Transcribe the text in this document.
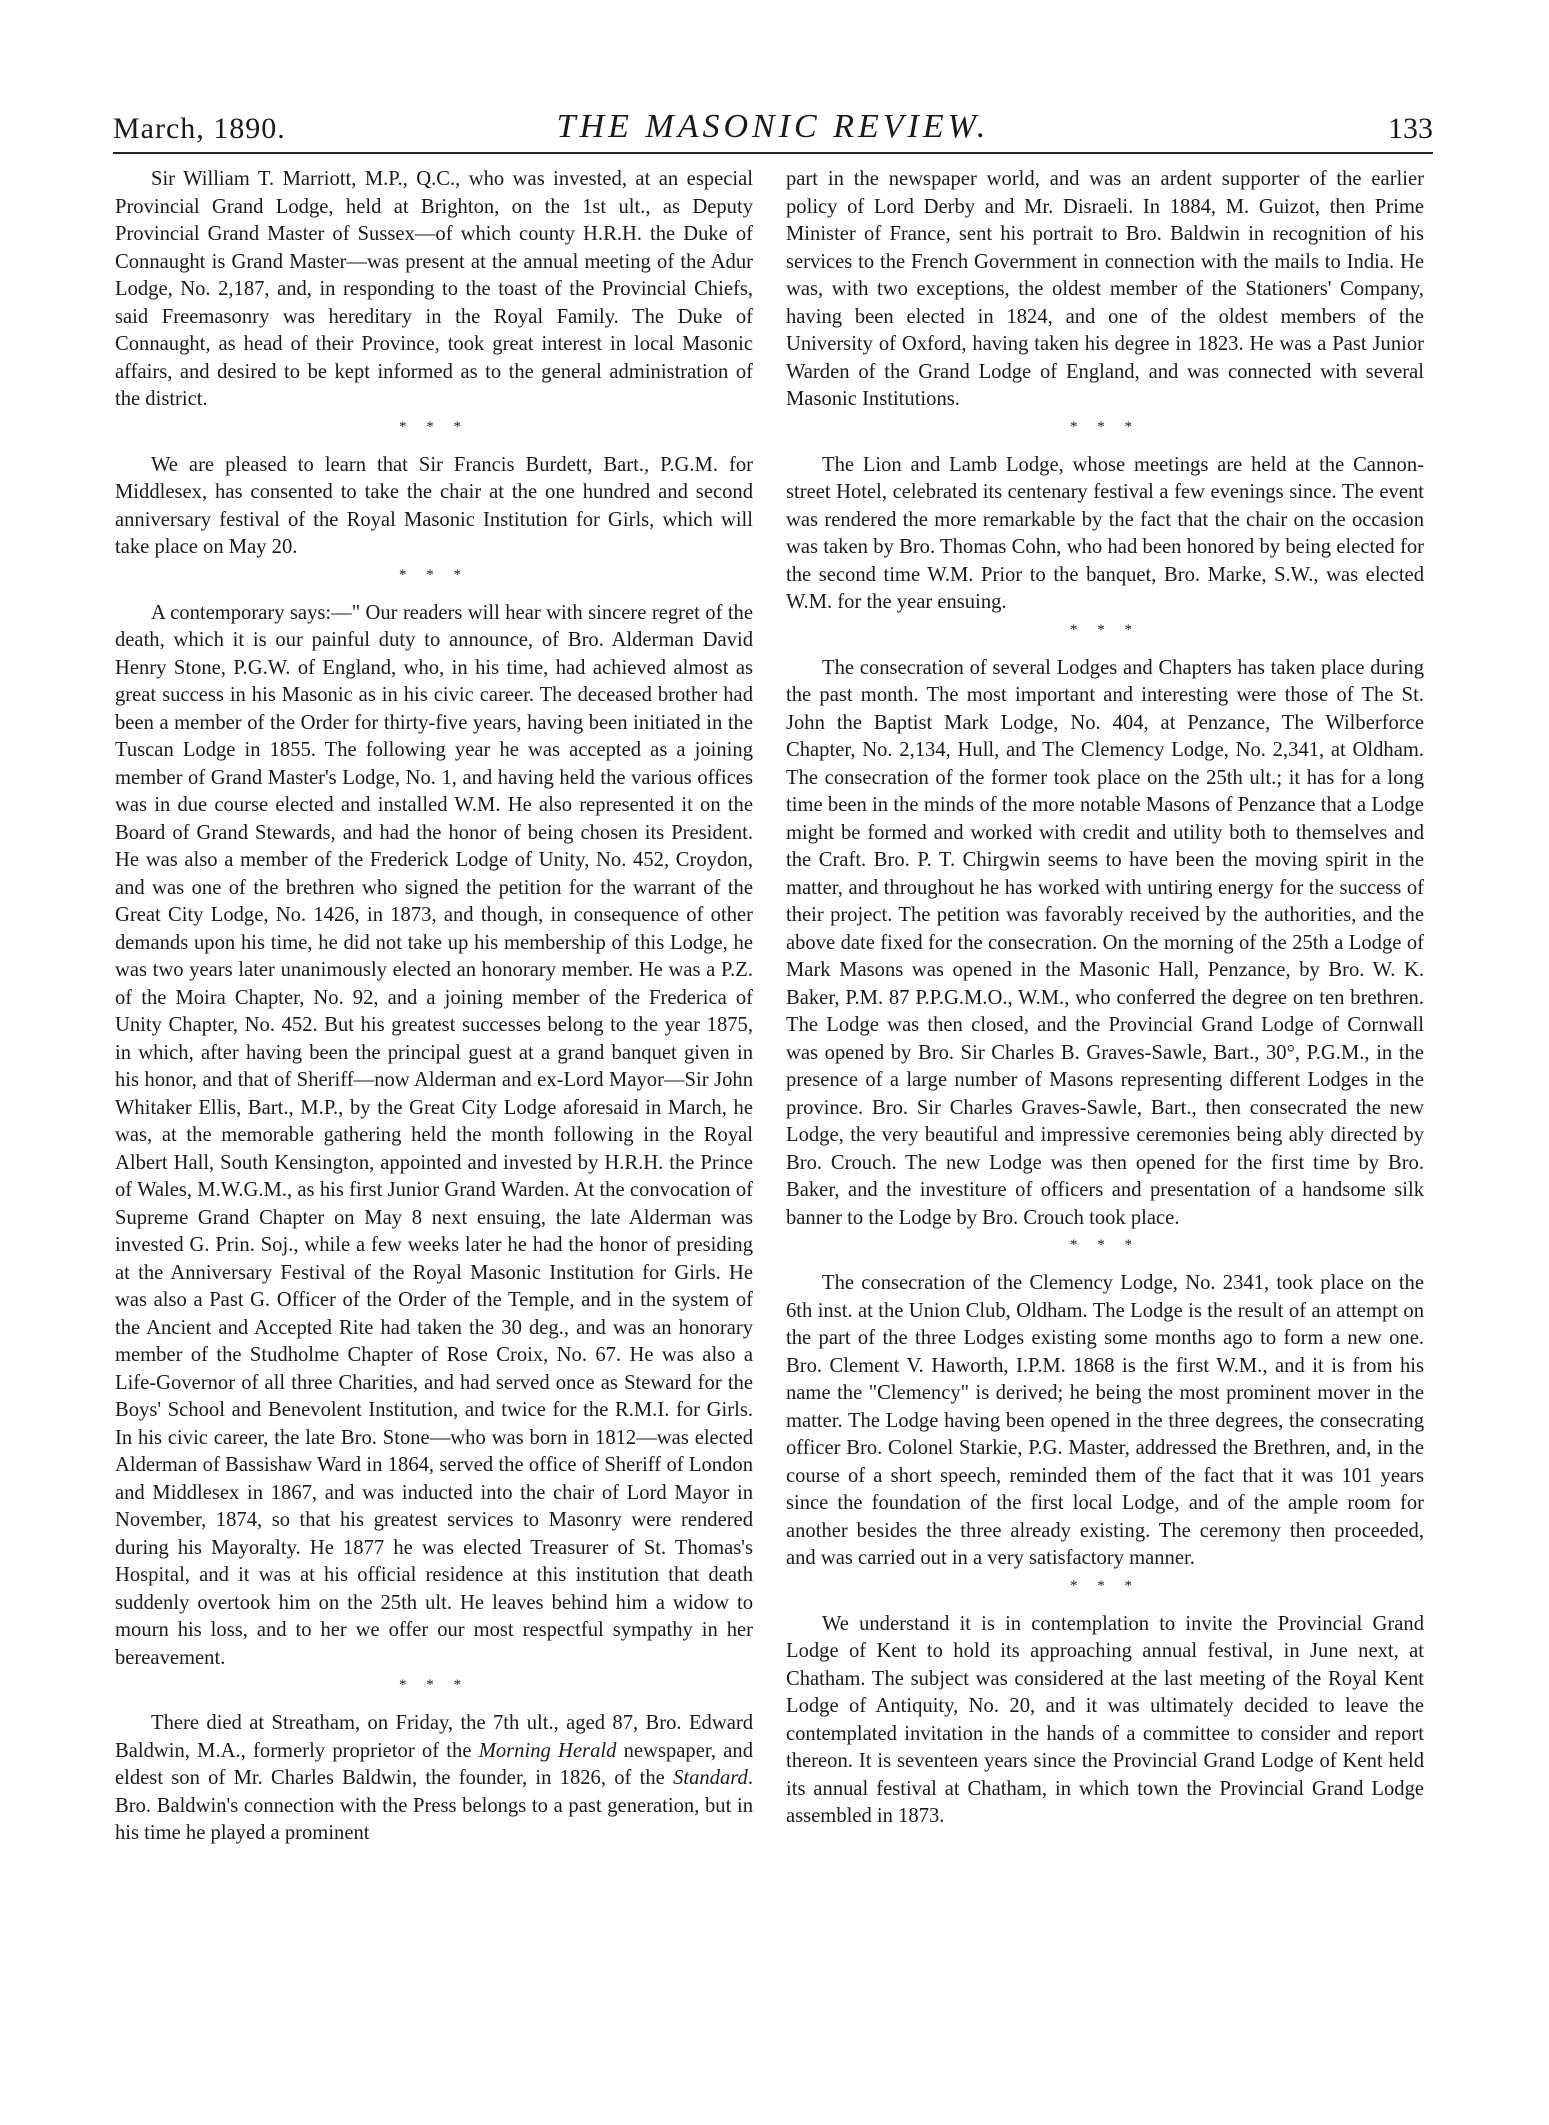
March, 1890.	THE MASONIC REVIEW.	133

Sir William T. Marriott, M.P., Q.C., who was invested, at an especial Provincial Grand Lodge, held at Brighton, on the 1st ult., as Deputy Provincial Grand Master of Sussex—of which county H.R.H. the Duke of Connaught is Grand Master—was present at the annual meeting of the Adur Lodge, No. 2,187, and, in responding to the toast of the Provincial Chiefs, said Freemasonry was hereditary in the Royal Family. The Duke of Connaught, as head of their Province, took great interest in local Masonic affairs, and desired to be kept informed as to the general administration of the district.

* * *

We are pleased to learn that Sir Francis Burdett, Bart., P.G.M. for Middlesex, has consented to take the chair at the one hundred and second anniversary festival of the Royal Masonic Institution for Girls, which will take place on May 20.

* * *

A contemporary says:—" Our readers will hear with sincere regret of the death, which it is our painful duty to announce, of Bro. Alderman David Henry Stone, P.G.W. of England, who, in his time, had achieved almost as great success in his Masonic as in his civic career. The deceased brother had been a member of the Order for thirty-five years, having been initiated in the Tuscan Lodge in 1855. The following year he was accepted as a joining member of Grand Master's Lodge, No. 1, and having held the various offices was in due course elected and installed W.M. He also represented it on the Board of Grand Stewards, and had the honor of being chosen its President. He was also a member of the Frederick Lodge of Unity, No. 452, Croydon, and was one of the brethren who signed the petition for the warrant of the Great City Lodge, No. 1426, in 1873, and though, in consequence of other demands upon his time, he did not take up his membership of this Lodge, he was two years later unanimously elected an honorary member. He was a P.Z. of the Moira Chapter, No. 92, and a joining member of the Frederica of Unity Chapter, No. 452. But his greatest successes belong to the year 1875, in which, after having been the principal guest at a grand banquet given in his honor, and that of Sheriff—now Alderman and ex-Lord Mayor—Sir John Whitaker Ellis, Bart., M.P., by the Great City Lodge aforesaid in March, he was, at the memorable gathering held the month following in the Royal Albert Hall, South Kensington, appointed and invested by H.R.H. the Prince of Wales, M.W.G.M., as his first Junior Grand Warden. At the convocation of Supreme Grand Chapter on May 8 next ensuing, the late Alderman was invested G. Prin. Soj., while a few weeks later he had the honor of presiding at the Anniversary Festival of the Royal Masonic Institution for Girls. He was also a Past G. Officer of the Order of the Temple, and in the system of the Ancient and Accepted Rite had taken the 30 deg., and was an honorary member of the Studholme Chapter of Rose Croix, No. 67. He was also a Life-Governor of all three Charities, and had served once as Steward for the Boys' School and Benevolent Institution, and twice for the R.M.I. for Girls. In his civic career, the late Bro. Stone—who was born in 1812—was elected Alderman of Bassishaw Ward in 1864, served the office of Sheriff of London and Middlesex in 1867, and was inducted into the chair of Lord Mayor in November, 1874, so that his greatest services to Masonry were rendered during his Mayoralty. He 1877 he was elected Treasurer of St. Thomas's Hospital, and it was at his official residence at this institution that death suddenly overtook him on the 25th ult. He leaves behind him a widow to mourn his loss, and to her we offer our most respectful sympathy in her bereavement.

* * *

There died at Streatham, on Friday, the 7th ult., aged 87, Bro. Edward Baldwin, M.A., formerly proprietor of the Morning Herald newspaper, and eldest son of Mr. Charles Baldwin, the founder, in 1826, of the Standard. Bro. Baldwin's connection with the Press belongs to a past generation, but in his time he played a prominent

part in the newspaper world, and was an ardent supporter of the earlier policy of Lord Derby and Mr. Disraeli. In 1884, M. Guizot, then Prime Minister of France, sent his portrait to Bro. Baldwin in recognition of his services to the French Government in connection with the mails to India. He was, with two exceptions, the oldest member of the Stationers' Company, having been elected in 1824, and one of the oldest members of the University of Oxford, having taken his degree in 1823. He was a Past Junior Warden of the Grand Lodge of England, and was connected with several Masonic Institutions.

* * *

The Lion and Lamb Lodge, whose meetings are held at the Cannon-street Hotel, celebrated its centenary festival a few evenings since. The event was rendered the more remarkable by the fact that the chair on the occasion was taken by Bro. Thomas Cohn, who had been honored by being elected for the second time W.M. Prior to the banquet, Bro. Marke, S.W., was elected W.M. for the year ensuing.

* * *

The consecration of several Lodges and Chapters has taken place during the past month. The most important and interesting were those of The St. John the Baptist Mark Lodge, No. 404, at Penzance, The Wilberforce Chapter, No. 2,134, Hull, and The Clemency Lodge, No. 2,341, at Oldham. The consecration of the former took place on the 25th ult.; it has for a long time been in the minds of the more notable Masons of Penzance that a Lodge might be formed and worked with credit and utility both to themselves and the Craft. Bro. P. T. Chirgwin seems to have been the moving spirit in the matter, and throughout he has worked with untiring energy for the success of their project. The petition was favorably received by the authorities, and the above date fixed for the consecration. On the morning of the 25th a Lodge of Mark Masons was opened in the Masonic Hall, Penzance, by Bro. W. K. Baker, P.M. 87 P.P.G.M.O., W.M., who conferred the degree on ten brethren. The Lodge was then closed, and the Provincial Grand Lodge of Cornwall was opened by Bro. Sir Charles B. Graves-Sawle, Bart., 30°, P.G.M., in the presence of a large number of Masons representing different Lodges in the province. Bro. Sir Charles Graves-Sawle, Bart., then consecrated the new Lodge, the very beautiful and impressive ceremonies being ably directed by Bro. Crouch. The new Lodge was then opened for the first time by Bro. Baker, and the investiture of officers and presentation of a handsome silk banner to the Lodge by Bro. Crouch took place.

* * *

The consecration of the Clemency Lodge, No. 2341, took place on the 6th inst. at the Union Club, Oldham. The Lodge is the result of an attempt on the part of the three Lodges existing some months ago to form a new one. Bro. Clement V. Haworth, I.P.M. 1868 is the first W.M., and it is from his name the "Clemency" is derived; he being the most prominent mover in the matter. The Lodge having been opened in the three degrees, the consecrating officer Bro. Colonel Starkie, P.G. Master, addressed the Brethren, and, in the course of a short speech, reminded them of the fact that it was 101 years since the foundation of the first local Lodge, and of the ample room for another besides the three already existing. The ceremony then proceeded, and was carried out in a very satisfactory manner.

* * *

We understand it is in contemplation to invite the Provincial Grand Lodge of Kent to hold its approaching annual festival, in June next, at Chatham. The subject was considered at the last meeting of the Royal Kent Lodge of Antiquity, No. 20, and it was ultimately decided to leave the contemplated invitation in the hands of a committee to consider and report thereon. It is seventeen years since the Provincial Grand Lodge of Kent held its annual festival at Chatham, in which town the Provincial Grand Lodge assembled in 1873.
